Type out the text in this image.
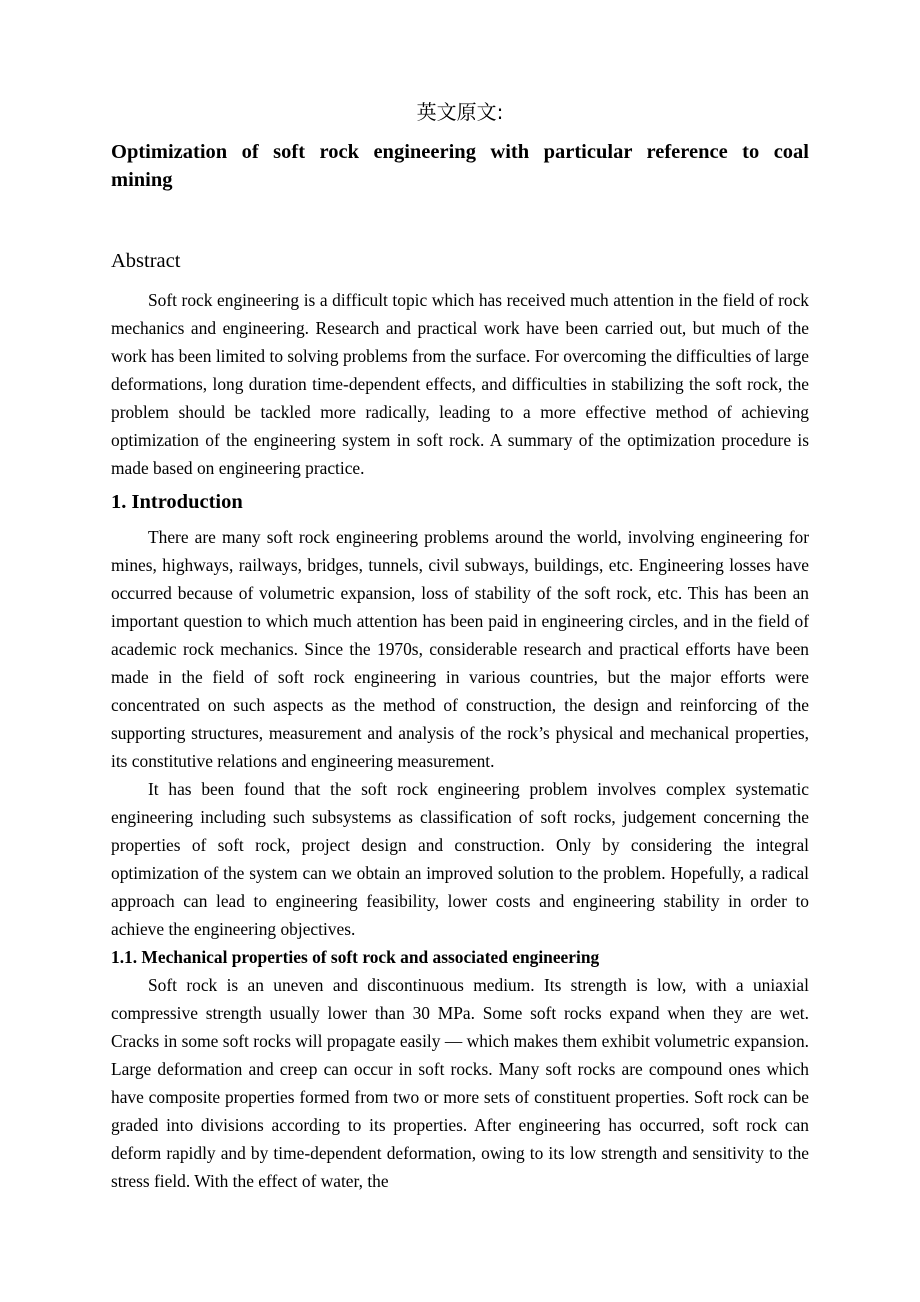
英文原文:
Optimization of soft rock engineering with particular reference to coal mining
Abstract

Soft rock engineering is a difficult topic which has received much attention in the field of rock mechanics and engineering. Research and practical work have been carried out, but much of the work has been limited to solving problems from the surface. For overcoming the difficulties of large deformations, long duration time-dependent effects, and difficulties in stabilizing the soft rock, the problem should be tackled more radically, leading to a more effective method of achieving optimization of the engineering system in soft rock. A summary of the optimization procedure is made based on engineering practice.

1. Introduction

There are many soft rock engineering problems around the world, involving engineering for mines, highways, railways, bridges, tunnels, civil subways, buildings, etc. Engineering losses have occurred because of volumetric expansion, loss of stability of the soft rock, etc. This has been an important question to which much attention has been paid in engineering circles, and in the field of academic rock mechanics. Since the 1970s, considerable research and practical efforts have been made in the field of soft rock engineering in various countries, but the major efforts were concentrated on such aspects as the method of construction, the design and reinforcing of the supporting structures, measurement and analysis of the rock’s physical and mechanical properties, its constitutive relations and engineering measurement.

It has been found that the soft rock engineering problem involves complex systematic engineering including such subsystems as classification of soft rocks, judgement concerning the properties of soft rock, project design and construction. Only by considering the integral optimization of the system can we obtain an improved solution to the problem. Hopefully, a radical approach can lead to engineering feasibility, lower costs and engineering stability in order to achieve the engineering objectives.

1.1. Mechanical properties of soft rock and associated engineering

Soft rock is an uneven and discontinuous medium. Its strength is low, with a uniaxial compressive strength usually lower than 30 MPa. Some soft rocks expand when they are wet. Cracks in some soft rocks will propagate easily — which makes them exhibit volumetric expansion. Large deformation and creep can occur in soft rocks. Many soft rocks are compound ones which have composite properties formed from two or more sets of constituent properties. Soft rock can be graded into divisions according to its properties. After engineering has occurred, soft rock can deform rapidly and by time-dependent deformation, owing to its low strength and sensitivity to the stress field. With the effect of water, the
